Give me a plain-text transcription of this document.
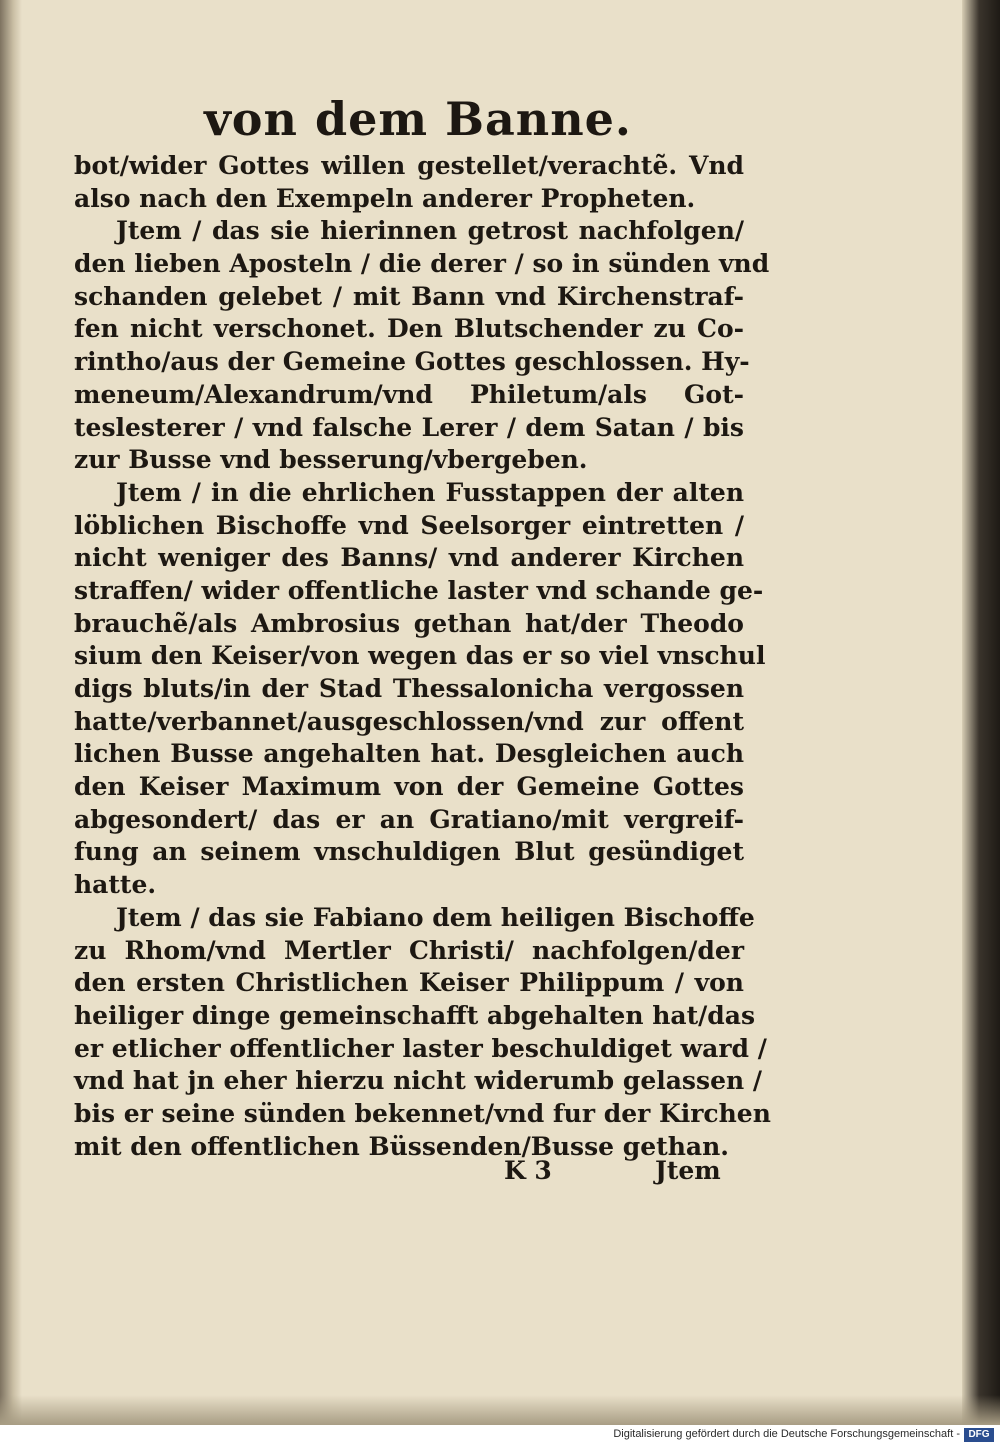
von dem Banne.
bot/wider Gottes willen gestellet/verachtẽ. Vnd
also nach den Exempeln anderer Propheten.
Jtem / das sie hierinnen getrost nachfolgen/
den lieben Aposteln / die derer / so in sünden vnd
schanden gelebet / mit Bann vnd Kirchenstraf-
fen nicht verschonet. Den Blutschender zu Co-
rintho/aus der Gemeine Gottes geschlossen. Hy-
meneum/Alexandrum/vnd Philetum/als Got-
teslesterer / vnd falsche Lerer / dem Satan / bis
zur Busse vnd besserung/vbergeben.
Jtem / in die ehrlichen Fusstappen der alten
löblichen Bischoffe vnd Seelsorger eintretten /
nicht weniger des Banns/ vnd anderer Kirchen
straffen/ wider offentliche laster vnd schande ge-
brauchẽ/als Ambrosius gethan hat/der Theodo
sium den Keiser/von wegen das er so viel vnschul
digs bluts/in der Stad Thessalonicha vergossen
hatte/verbannet/ausgeschlossen/vnd zur offent
lichen Busse angehalten hat. Desgleichen auch
den Keiser Maximum von der Gemeine Gottes
abgesondert/ das er an Gratiano/mit vergreif-
fung an seinem vnschuldigen Blut gesündiget
hatte.
Jtem / das sie Fabiano dem heiligen Bischoffe
zu Rhom/vnd Mertler Christi/ nachfolgen/der
den ersten Christlichen Keiser Philippum / von
heiliger dinge gemeinschafft abgehalten hat/das
er etlicher offentlicher laster beschuldiget ward /
vnd hat jn eher hierzu nicht widerumb gelassen /
bis er seine sünden bekennet/vnd fur der Kirchen
mit den offentlichen Büssenden/Busse gethan.
K 3	Jtem
Digitalisierung gefördert durch die Deutsche Forschungsgemeinschaft - DFG
